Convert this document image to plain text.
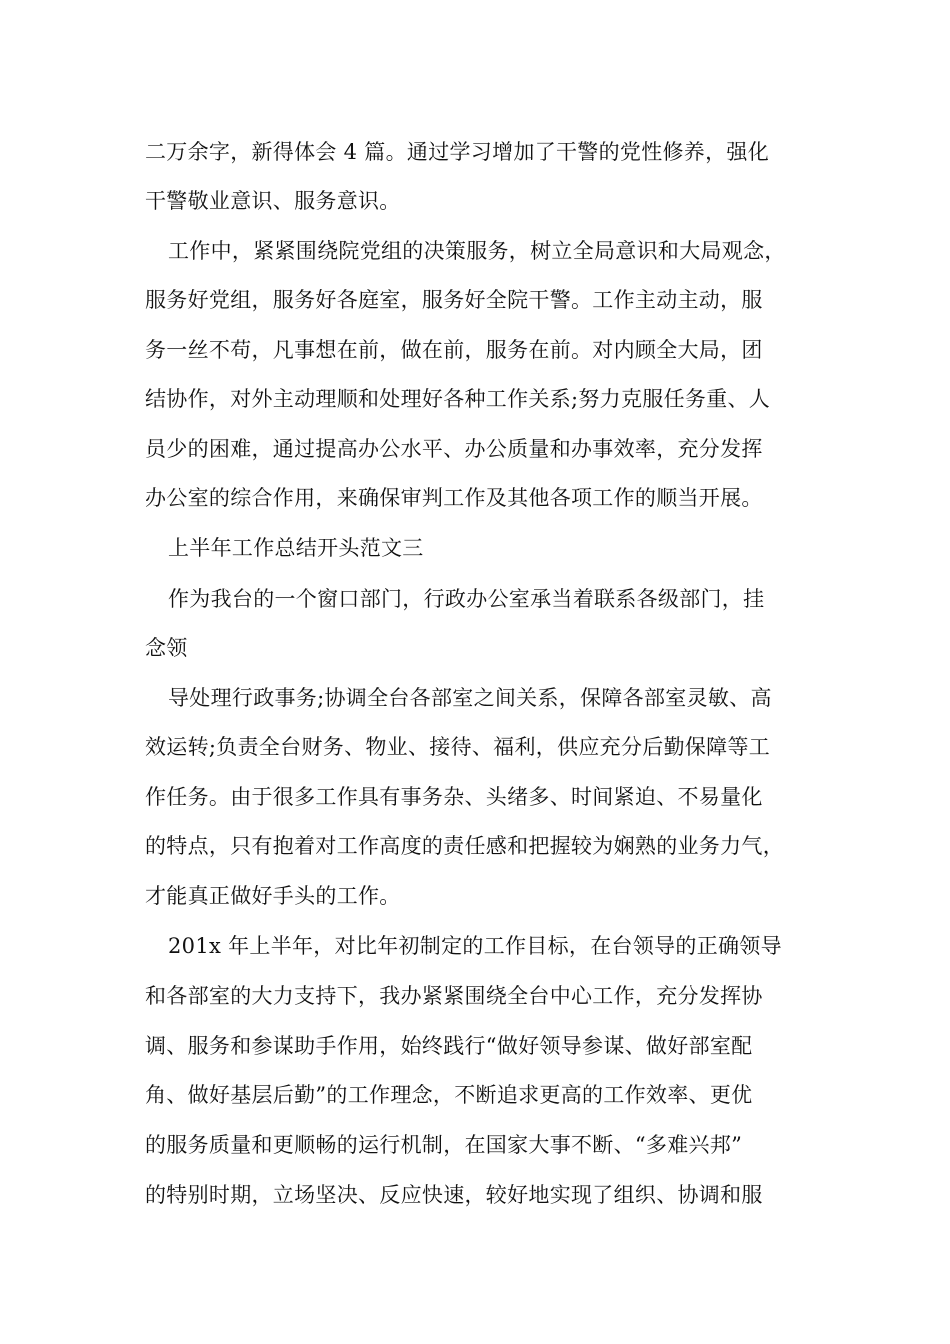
二万余字，新得体会 4 篇。通过学习增加了干警的党性修养，强化
干警敬业意识、服务意识。
工作中，紧紧围绕院党组的决策服务，树立全局意识和大局观念，
服务好党组，服务好各庭室，服务好全院干警。工作主动主动，服
务一丝不苟，凡事想在前，做在前，服务在前。对内顾全大局，团
结协作，对外主动理顺和处理好各种工作关系;努力克服任务重、人
员少的困难，通过提高办公水平、办公质量和办事效率，充分发挥
办公室的综合作用，来确保审判工作及其他各项工作的顺当开展。
上半年工作总结开头范文三
作为我台的一个窗口部门，行政办公室承当着联系各级部门，挂
念领
导处理行政事务;协调全台各部室之间关系，保障各部室灵敏、高
效运转;负责全台财务、物业、接待、福利，供应充分后勤保障等工
作任务。由于很多工作具有事务杂、头绪多、时间紧迫、不易量化
的特点，只有抱着对工作高度的责任感和把握较为娴熟的业务力气，
才能真正做好手头的工作。
201x 年上半年，对比年初制定的工作目标，在台领导的正确领导
和各部室的大力支持下，我办紧紧围绕全台中心工作，充分发挥协
调、服务和参谋助手作用，始终践行“做好领导参谋、做好部室配
角、做好基层后勤”的工作理念，不断追求更高的工作效率、更优
的服务质量和更顺畅的运行机制，在国家大事不断、“多难兴邦”
的特别时期，立场坚决、反应快速，较好地实现了组织、协调和服
